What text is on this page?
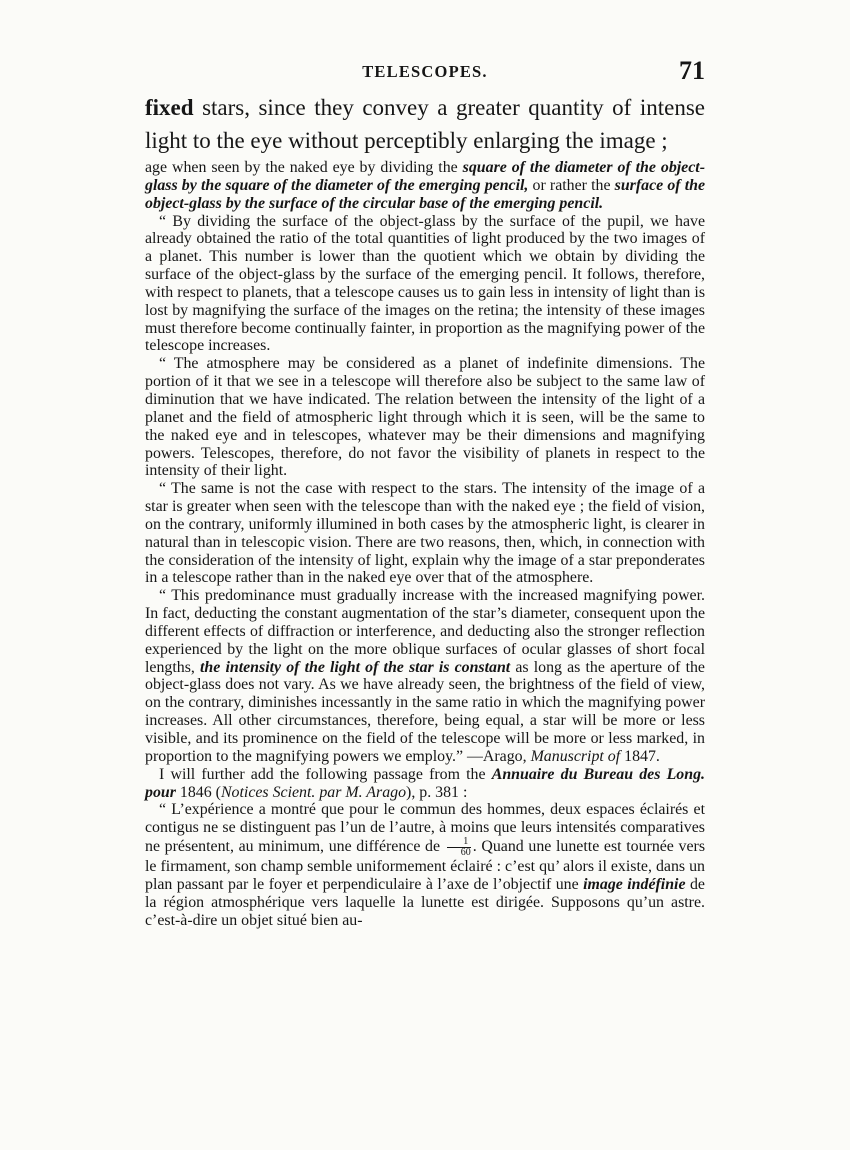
TELESCOPES.	71
fixed stars, since they convey a greater quantity of intense
light to the eye without perceptibly enlarging the image ;

age when seen by the naked eye by dividing the square of the diameter of the object-glass by the square of the diameter of the emerging pencil, or rather the surface of the object-glass by the surface of the circular base of the emerging pencil.

“ By dividing the surface of the object-glass by the surface of the pupil, we have already obtained the ratio of the total quantities of light produced by the two images of a planet. This number is lower than the quotient which we obtain by dividing the surface of the object-glass by the surface of the emerging pencil. It follows, therefore, with respect to planets, that a telescope causes us to gain less in intensity of light than is lost by magnifying the surface of the images on the retina; the intensity of these images must therefore become continually fainter, in proportion as the magnifying power of the telescope increases.

“ The atmosphere may be considered as a planet of indefinite dimensions. The portion of it that we see in a telescope will therefore also be subject to the same law of diminution that we have indicated. The relation between the intensity of the light of a planet and the field of atmospheric light through which it is seen, will be the same to the naked eye and in telescopes, whatever may be their dimensions and magnifying powers. Telescopes, therefore, do not favor the visibility of planets in respect to the intensity of their light.

“ The same is not the case with respect to the stars. The intensity of the image of a star is greater when seen with the telescope than with the naked eye ; the field of vision, on the contrary, uniformly illumined in both cases by the atmospheric light, is clearer in natural than in telescopic vision. There are two reasons, then, which, in connection with the consideration of the intensity of light, explain why the image of a star preponderates in a telescope rather than in the naked eye over that of the atmosphere.

“ This predominance must gradually increase with the increased magnifying power. In fact, deducting the constant augmentation of the star’s diameter, consequent upon the different effects of diffraction or interference, and deducting also the stronger reflection experienced by the light on the more oblique surfaces of ocular glasses of short focal lengths, the intensity of the light of the star is constant as long as the aperture of the object-glass does not vary. As we have already seen, the brightness of the field of view, on the contrary, diminishes incessantly in the same ratio in which the magnifying power increases. All other circumstances, therefore, being equal, a star will be more or less visible, and its prominence on the field of the telescope will be more or less marked, in proportion to the magnifying powers we employ.” —Arago, Manuscript of 1847.

I will further add the following passage from the Annuaire du Bureau des Long. pour 1846 (Notices Scient. par M. Arago), p. 381 :

“ L’expérience a montré que pour le commun des hommes, deux espaces éclairés et contigus ne se distinguent pas l’un de l’autre, à moins que leurs intensités comparatives ne présentent, au minimum, une différence de $\frac{1}{60}$ . Quand une lunette est tournée vers le firmament, son champ semble uniformement éclairé : c’est qu’ alors il existe, dans un plan passant par le foyer et perpendiculaire à l’axe de l’objectif une image indéfinie de la région atmosphérique vers laquelle la lunette est dirigée. Supposons qu’un astre. c’est-à-dire un objet situé bien au-
